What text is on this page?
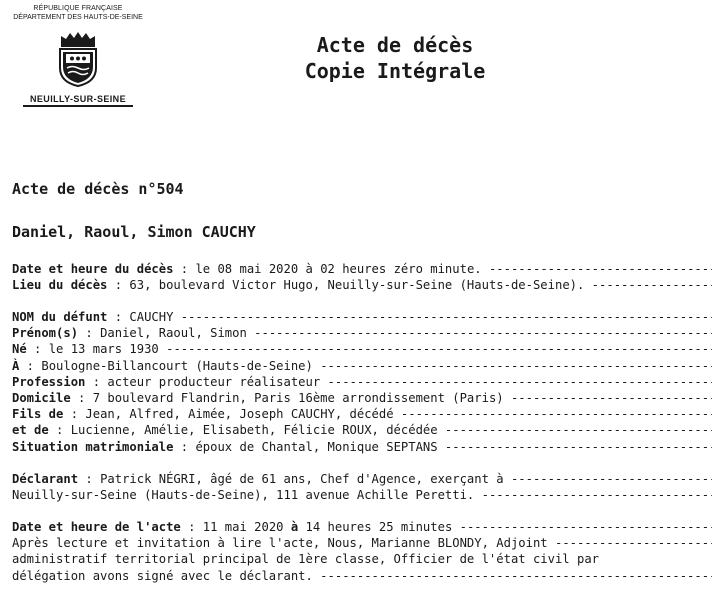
RÉPUBLIQUE FRANÇAISE
DÉPARTEMENT DES HAUTS-DE-SEINE
NEUILLY-SUR-SEINE
Acte de décès
Copie Intégrale
Acte de décès n°504
Daniel, Raoul, Simon CAUCHY
Date et heure du décès : le 08 mai 2020 à 02 heures zéro minute. -----
Lieu du décès : 63, boulevard Victor Hugo, Neuilly-sur-Seine (Hauts-de-Seine). -----
NOM du défunt : CAUCHY -----
Prénom(s) : Daniel, Raoul, Simon -----
Né : le 13 mars 1930 -----
À : Boulogne-Billancourt (Hauts-de-Seine) -----
Profession : acteur producteur réalisateur -----
Domicile : 7 boulevard Flandrin, Paris 16ème arrondissement (Paris) -----
Fils de : Jean, Alfred, Aimée, Joseph CAUCHY, décédé -----
et de : Lucienne, Amélie, Elisabeth, Félicie ROUX, décédée -----
Situation matrimoniale : époux de Chantal, Monique SEPTANS -----
Déclarant : Patrick NÉGRI, âgé de 61 ans, Chef d'Agence, exerçant à -----
Neuilly-sur-Seine (Hauts-de-Seine), 111 avenue Achille Peretti. -----
Date et heure de l'acte : 11 mai 2020 à 14 heures 25 minutes -----
Après lecture et invitation à lire l'acte, Nous, Marianne BLONDY, Adjoint -----
administratif territorial principal de 1ère classe, Officier de l'état civil par
délégation avons signé avec le déclarant. -----
